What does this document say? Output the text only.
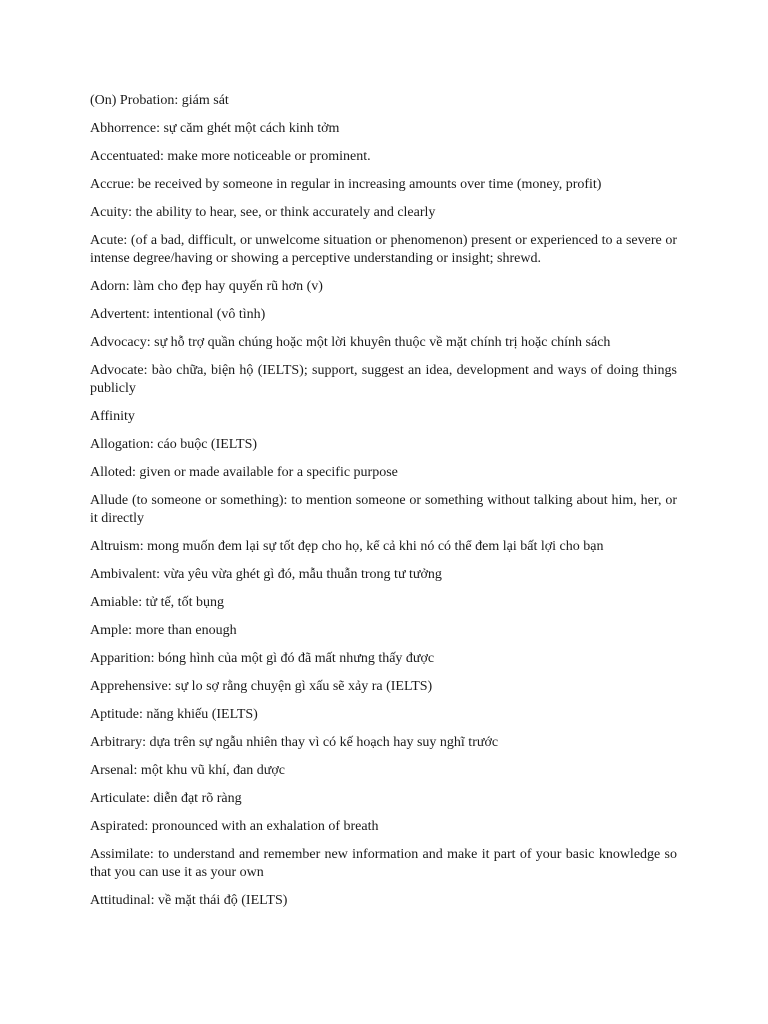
(On) Probation: giám sát

Abhorrence: sự căm ghét một cách kinh tởm

Accentuated: make more noticeable or prominent.

Accrue: be received by someone in regular in increasing amounts over time (money, profit)

Acuity: the ability to hear, see, or think accurately and clearly

Acute: (of a bad, difficult, or unwelcome situation or phenomenon) present or experienced to a severe or intense degree/having or showing a perceptive understanding or insight; shrewd.

Adorn: làm cho đẹp hay quyến rũ hơn (v)

Advertent: intentional (vô tình)

Advocacy: sự hỗ trợ quần chúng hoặc một lời khuyên thuộc về mặt chính trị hoặc chính sách

Advocate: bào chữa, biện hộ (IELTS); support, suggest an idea, development and ways of doing things publicly

Affinity

Allogation: cáo buộc (IELTS)

Alloted: given or made available for a specific purpose

Allude (to someone or something): to mention someone or something without talking about him, her, or it directly

Altruism: mong muốn đem lại sự tốt đẹp cho họ, kể cả khi nó có thể đem lại bất lợi cho bạn

Ambivalent: vừa yêu vừa ghét gì đó, mẫu thuẫn trong tư tưởng

Amiable: tử tế, tốt bụng

Ample: more than enough

Apparition: bóng hình của một gì đó đã mất nhưng thấy được

Apprehensive: sự lo sợ rằng chuyện gì xấu sẽ xảy ra (IELTS)

Aptitude: năng khiếu (IELTS)

Arbitrary: dựa trên sự ngẫu nhiên thay vì có kế hoạch hay suy nghĩ trước

Arsenal: một khu vũ khí, đan dược

Articulate: diễn đạt rõ ràng

Aspirated: pronounced with an exhalation of breath

Assimilate: to understand and remember new information and make it part of your basic knowledge so that you can use it as your own

Attitudinal: về mặt thái độ (IELTS)
